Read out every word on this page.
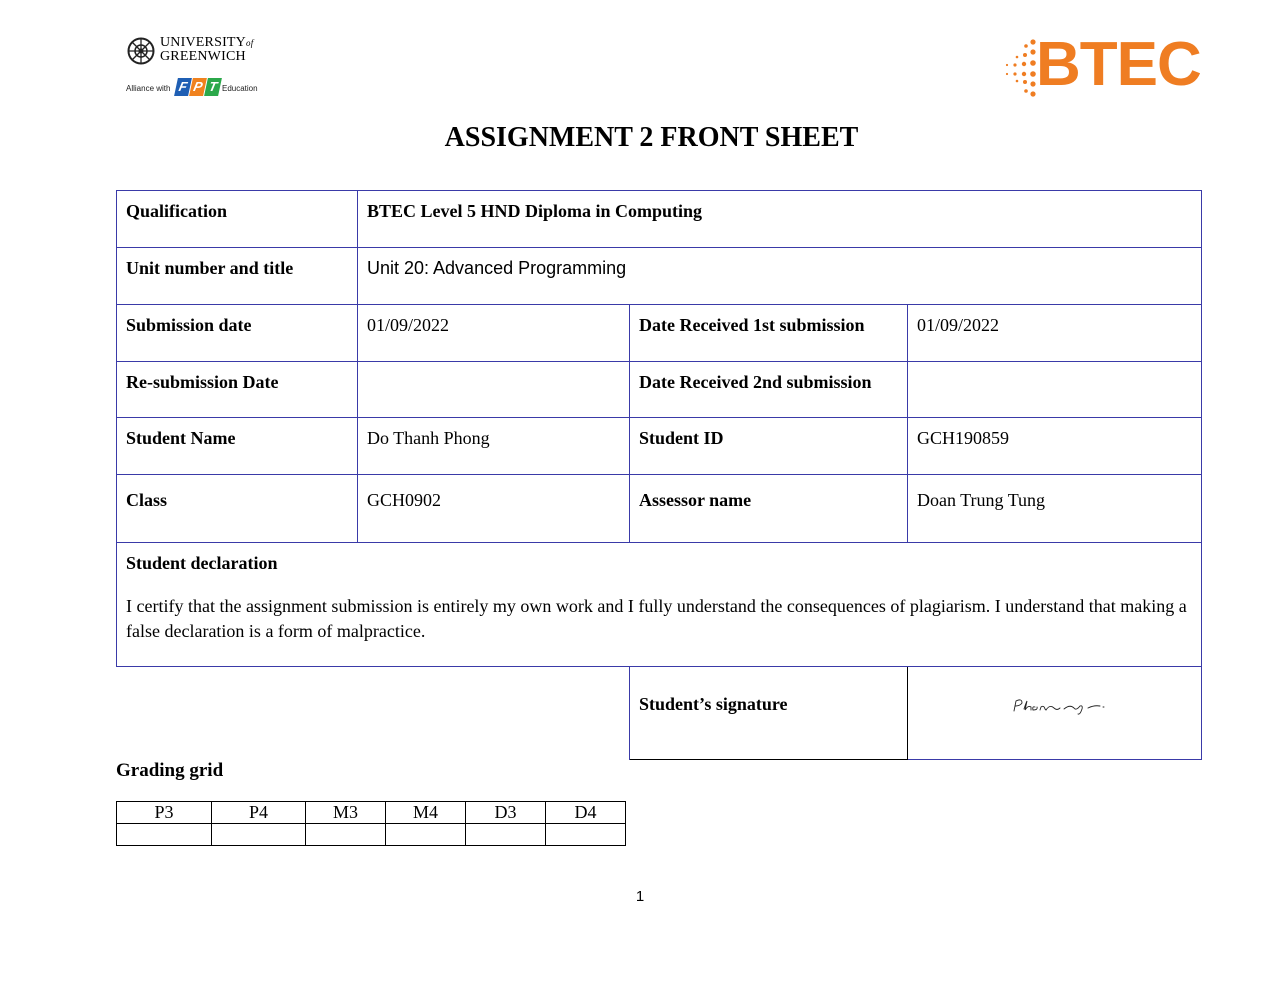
UNIVERSITYof
GREENWICH
Alliance with F P T Education	BTEC
ASSIGNMENT 2 FRONT SHEET
Qualification	BTEC Level 5 HND Diploma in Computing		
Unit number and title	Unit 20: Advanced Programming		
Submission date	01/09/2022	Date Received 1st submission	01/09/2022
Re-submission Date		Date Received 2nd submission	
Student Name	Do Thanh Phong	Student ID	GCH190859
Class	GCH0902	Assessor name	Doan Trung Tung

Student declaration
I certify that the assignment submission is entirely my own work and I fully understand the consequences of plagiarism. I understand that making a false declaration is a form of malpractice.			

		Student’s signature	
Grading grid
P3	P4	M3	M4	D3	D4

1
